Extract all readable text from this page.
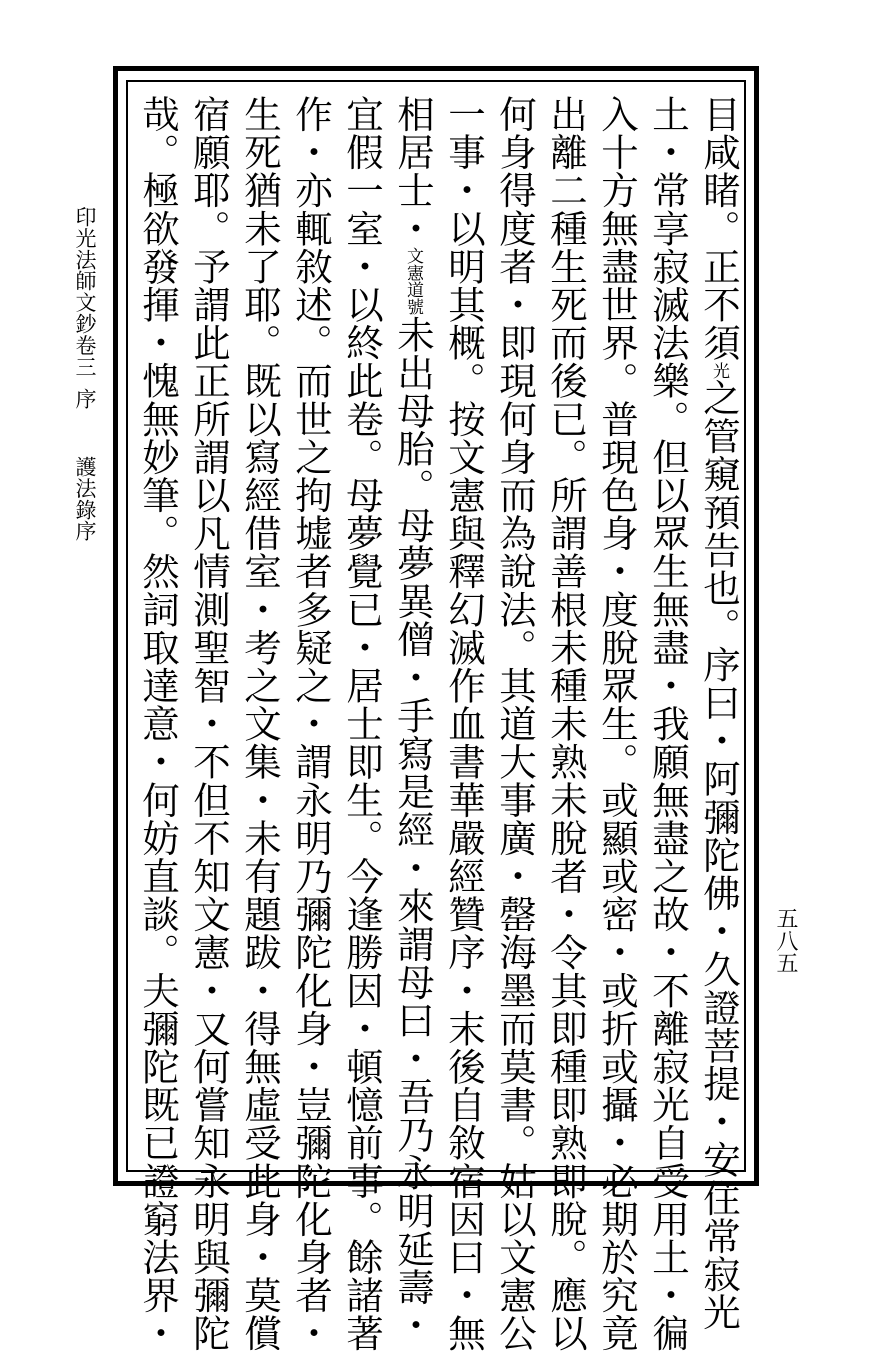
印光法師文鈔卷三
序
護法錄序
五八五
目咸睹。正不須光之管窺預告也。序曰・阿彌陀佛・久證菩提・安住常寂光
土・常享寂滅法樂。但以眾生無盡・我願無盡之故・不離寂光自受用土・徧
入十方無盡世界。普現色身・度脫眾生。或顯或密・或折或攝・必期於究竟
出離二種生死而後已。所謂善根未種未熟未脫者・令其即種即熟即脫。應以
何身得度者・即現何身而為說法。其道大事廣・罄海墨而莫書。姑以文憲公
一事・以明其概。按文憲與釋幻滅作血書華嚴經贊序・末後自敘宿因曰・無
相居士・文憲道號未出母胎。母夢異僧・手寫是經・來謂母曰・吾乃永明延壽・
宜假一室・以終此卷。母夢覺已・居士即生。今逢勝因・頓憶前事。餘諸著
作・亦輒敘述。而世之拘墟者多疑之・謂永明乃彌陀化身・豈彌陀化身者・
生死猶未了耶。既以寫經借室・考之文集・未有題跋・得無虛受此身・莫償
宿願耶。予謂此正所謂以凡情測聖智・不但不知文憲・又何嘗知永明與彌陀
哉。極欲發揮・愧無妙筆。然詞取達意・何妨直談。夫彌陀既已證窮法界・
